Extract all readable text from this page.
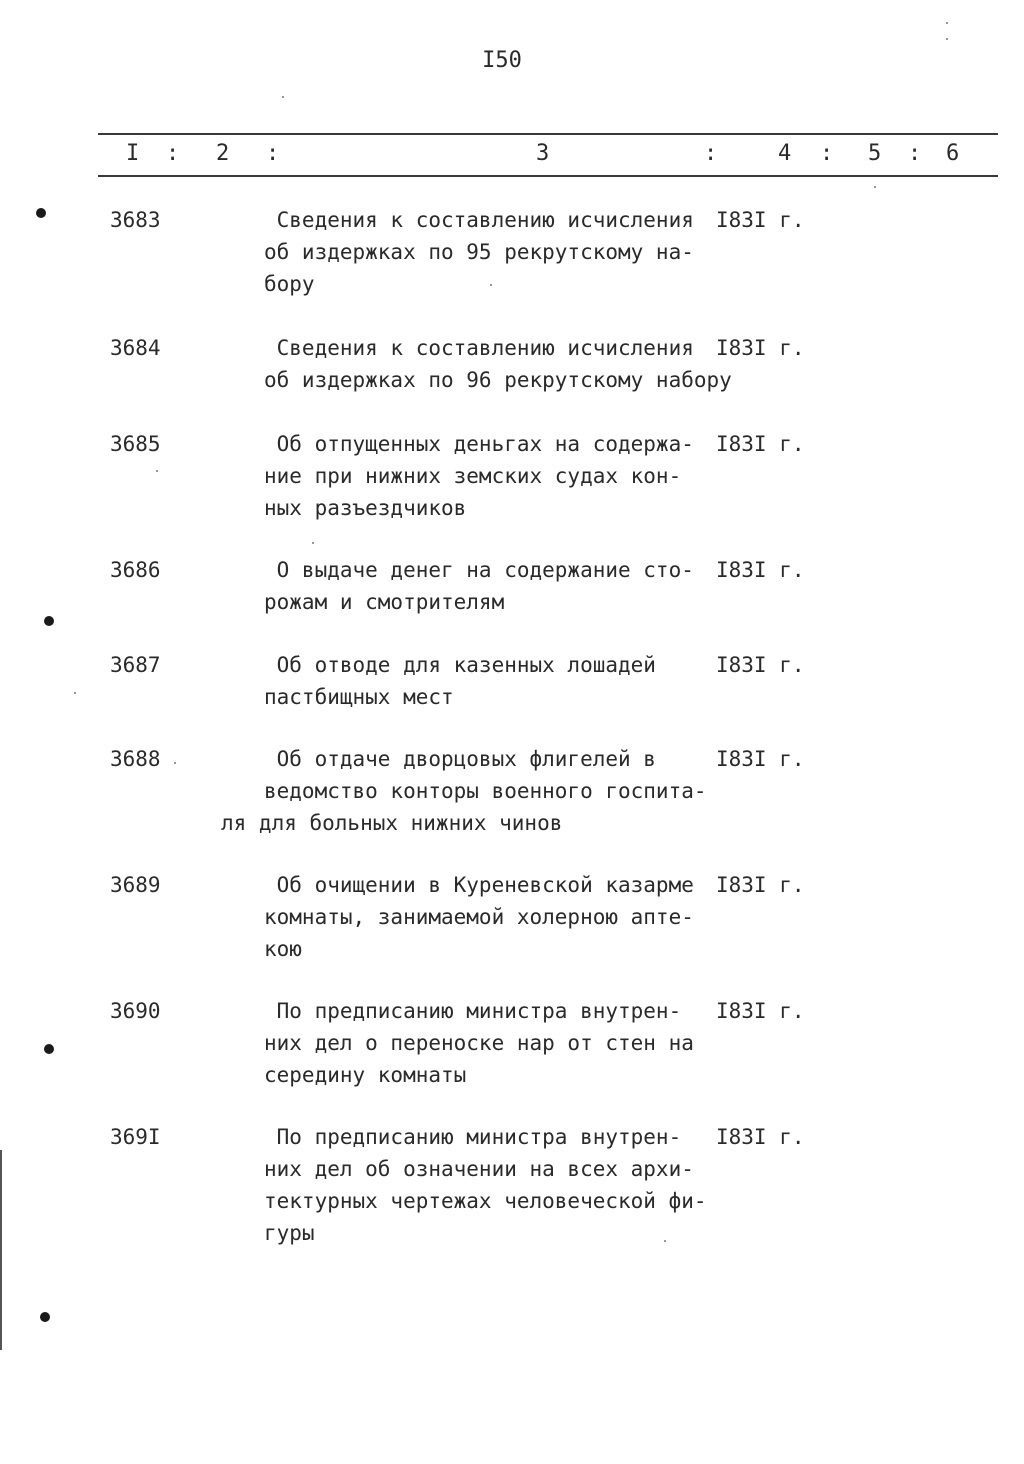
I50
I : 2 :	3	:	4 : 5 : 6
3683	Сведения к составлению исчисления
об издержках по 95 рекрутскому на-
бору
I83I г.
3684	Сведения к составлению исчисления
об издержках по 96 рекрутскому набору
I83I г.
3685	Об отпущенных деньгах на содержа-
ние при нижних земских судах кон-
ных разъездчиков
I83I г.
3686	О выдаче денег на содержание сто-
рожам и смотрителям
I83I г.
3687	Об отводе для казенных лошадей
пастбищных мест
I83I г.
3688	Об отдаче дворцовых флигелей в
ведомство конторы военного госпита-
ля для больных нижних чинов
I83I г.
3689	Об очищении в Куреневской казарме
комнаты, занимаемой холерною апте-
кою
I83I г.
3690	По предписанию министра внутрен-
них дел о переноске нар от стен на
середину комнаты
I83I г.
369I	По предписанию министра внутрен-
них дел об означении на всех архи-
тектурных чертежах человеческой фи-
гуры
I83I г.
